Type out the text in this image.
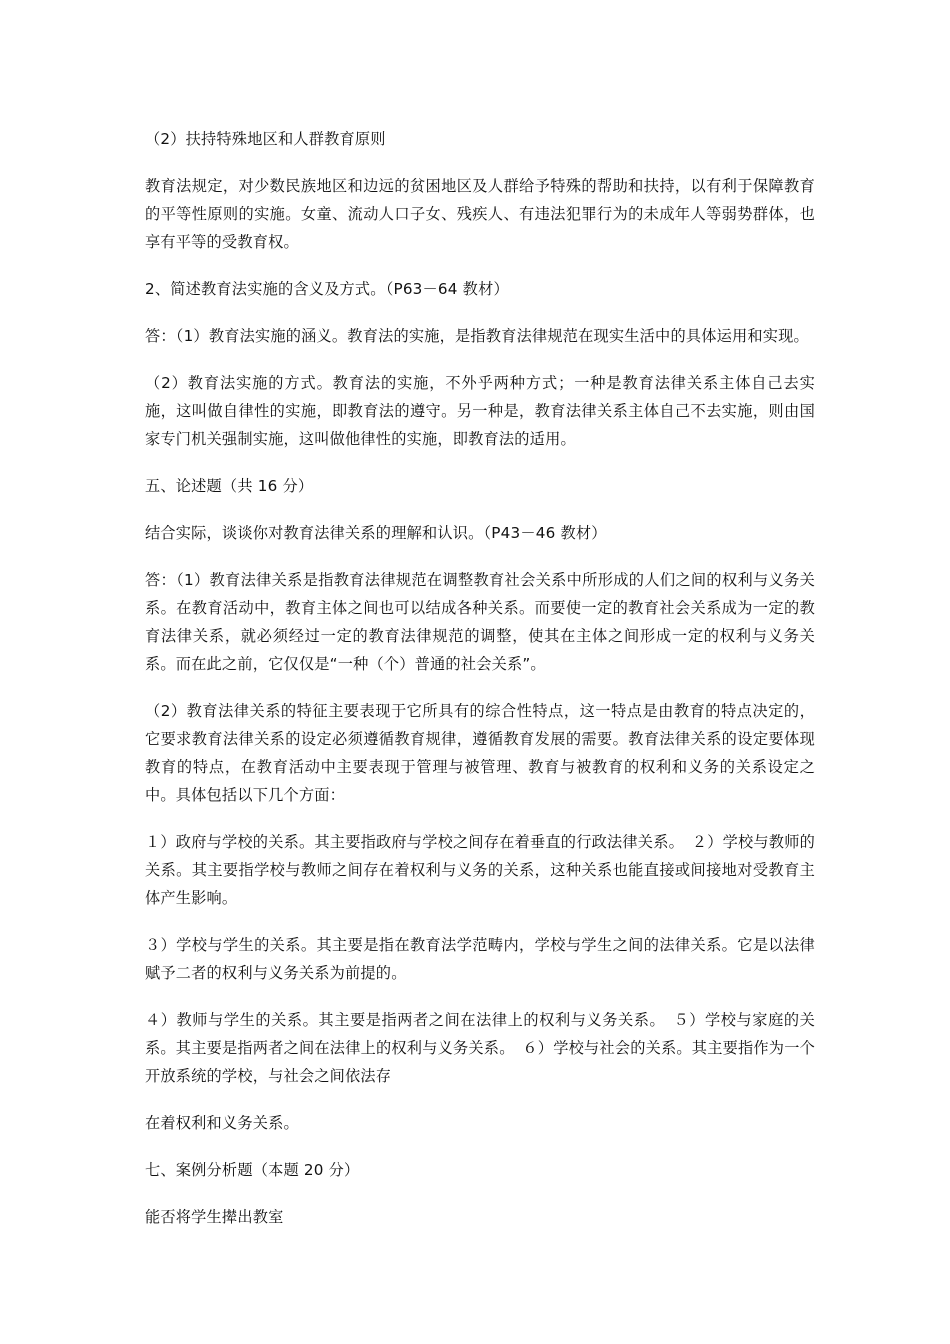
（2）扶持特殊地区和人群教育原则

教育法规定，对少数民族地区和边远的贫困地区及人群给予特殊的帮助和扶持，以有利于保障教育的平等性原则的实施。女童、流动人口子女、残疾人、有违法犯罪行为的未成年人等弱势群体，也享有平等的受教育权。

2、简述教育法实施的含义及方式。（P63－64 教材）

答：（1）教育法实施的涵义。教育法的实施，是指教育法律规范在现实生活中的具体运用和实现。

（2）教育法实施的方式。教育法的实施，不外乎两种方式；一种是教育法律关系主体自己去实施，这叫做自律性的实施，即教育法的遵守。另一种是，教育法律关系主体自己不去实施，则由国家专门机关强制实施，这叫做他律性的实施，即教育法的适用。

五、论述题（共 16 分）

结合实际，谈谈你对教育法律关系的理解和认识。（P43－46 教材）

答：（1）教育法律关系是指教育法律规范在调整教育社会关系中所形成的人们之间的权利与义务关系。在教育活动中，教育主体之间也可以结成各种关系。而要使一定的教育社会关系成为一定的教育法律关系，就必须经过一定的教育法律规范的调整，使其在主体之间形成一定的权利与义务关系。而在此之前，它仅仅是“一种（个）普通的社会关系”。

（2）教育法律关系的特征主要表现于它所具有的综合性特点，这一特点是由教育的特点决定的，它要求教育法律关系的设定必须遵循教育规律，遵循教育发展的需要。教育法律关系的设定要体现教育的特点，在教育活动中主要表现于管理与被管理、教育与被教育的权利和义务的关系设定之中。具体包括以下几个方面：

１）政府与学校的关系。其主要指政府与学校之间存在着垂直的行政法律关系。　２）学校与教师的关系。其主要指学校与教师之间存在着权利与义务的关系，这种关系也能直接或间接地对受教育主体产生影响。

３）学校与学生的关系。其主要是指在教育法学范畴内，学校与学生之间的法律关系。它是以法律赋予二者的权利与义务关系为前提的。

４）教师与学生的关系。其主要是指两者之间在法律上的权利与义务关系。　５）学校与家庭的关系。其主要是指两者之间在法律上的权利与义务关系。　６）学校与社会的关系。其主要指作为一个开放系统的学校，与社会之间依法存

在着权利和义务关系。

七、案例分析题（本题 20 分）

能否将学生撵出教室
